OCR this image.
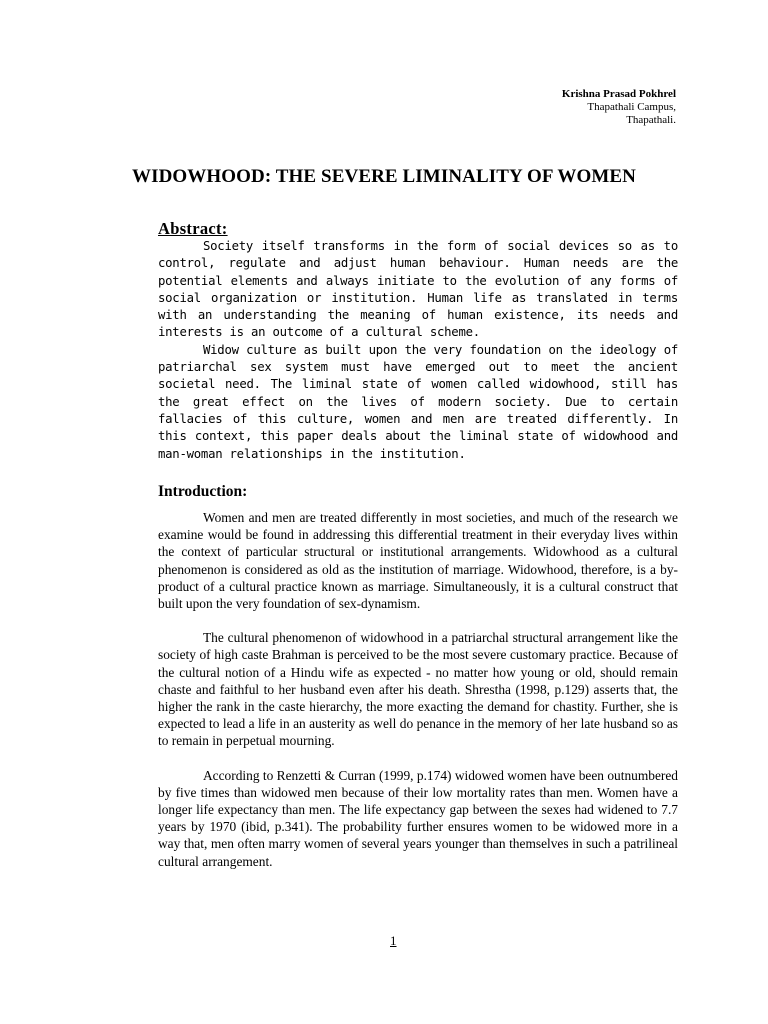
Krishna Prasad Pokhrel
Thapathali Campus,
Thapathali.
WIDOWHOOD: THE SEVERE LIMINALITY OF WOMEN
Abstract:

Society itself transforms in the form of social devices so as to control, regulate and adjust human behaviour. Human needs are the potential elements and always initiate to the evolution of any forms of social organization or institution. Human life as translated in terms with an understanding the meaning of human existence, its needs and interests is an outcome of a cultural scheme.

Widow culture as built upon the very foundation on the ideology of patriarchal sex system must have emerged out to meet the ancient societal need. The liminal state of women called widowhood, still has the great effect on the lives of modern society. Due to certain fallacies of this culture, women and men are treated differently. In this context, this paper deals about the liminal state of widowhood and man-woman relationships in the institution.

Introduction:

Women and men are treated differently in most societies, and much of the research we examine would be found in addressing this differential treatment in their everyday lives within the context of particular structural or institutional arrangements. Widowhood as a cultural phenomenon is considered as old as the institution of marriage. Widowhood, therefore, is a by-product of a cultural practice known as marriage. Simultaneously, it is a cultural construct that built upon the very foundation of sex-dynamism.

The cultural phenomenon of widowhood in a patriarchal structural arrangement like the society of high caste Brahman is perceived to be the most severe customary practice. Because of the cultural notion of a Hindu wife as expected - no matter how young or old, should remain chaste and faithful to her husband even after his death. Shrestha (1998, p.129) asserts that, the higher the rank in the caste hierarchy, the more exacting the demand for chastity. Further, she is expected to lead a life in an austerity as well do penance in the memory of her late husband so as to remain in perpetual mourning.

According to Renzetti & Curran (1999, p.174) widowed women have been outnumbered by five times than widowed men because of their low mortality rates than men. Women have a longer life expectancy than men. The life expectancy gap between the sexes had widened to 7.7 years by 1970 (ibid, p.341). The probability further ensures women to be widowed more in a way that, men often marry women of several years younger than themselves in such a patrilineal cultural arrangement.

1
